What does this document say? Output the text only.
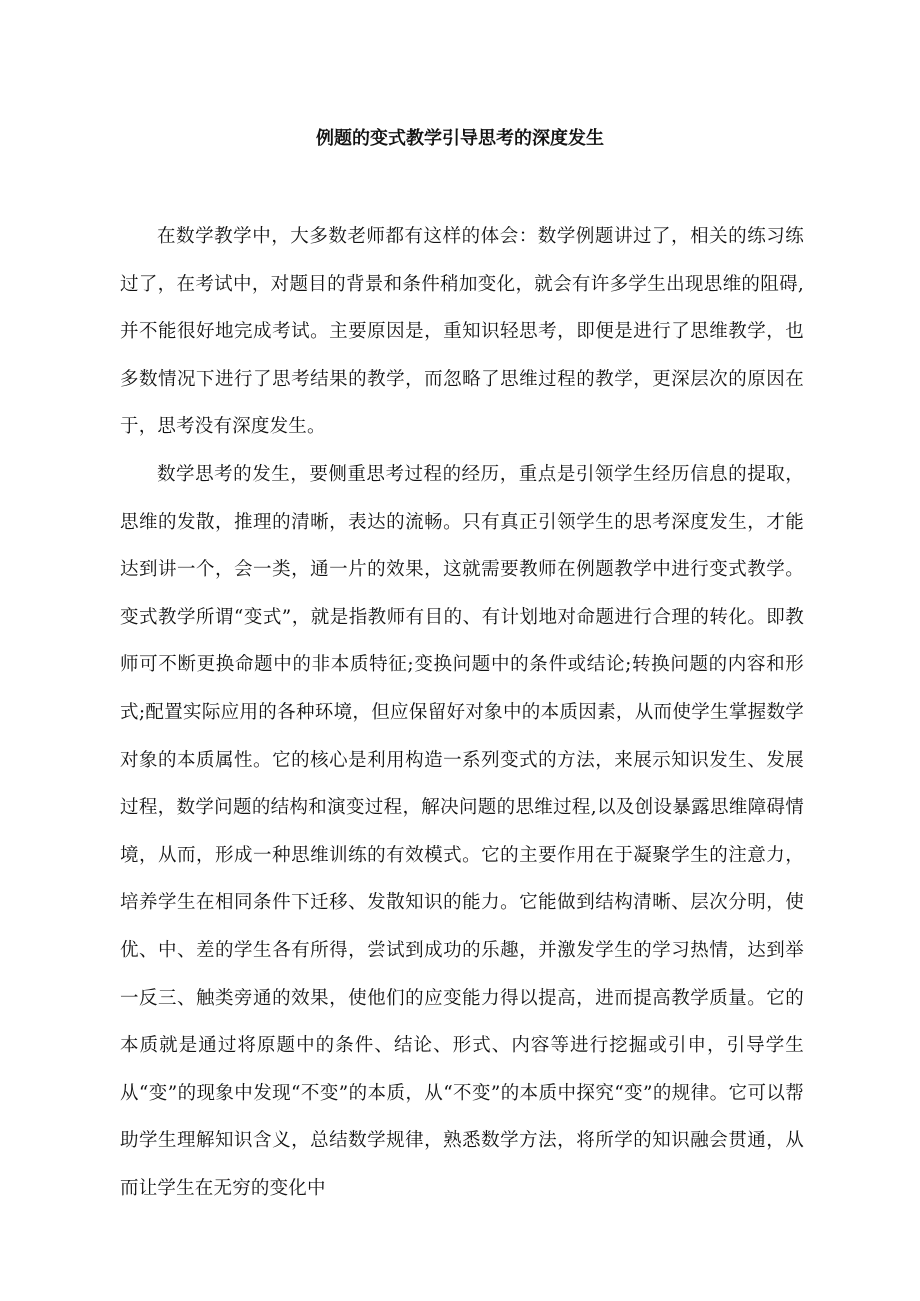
例题的变式教学引导思考的深度发生

在数学教学中，大多数老师都有这样的体会：数学例题讲过了，相关的练习练过了，在考试中，对题目的背景和条件稍加变化，就会有许多学生出现思维的阻碍,并不能很好地完成考试。主要原因是，重知识轻思考，即便是进行了思维教学，也多数情况下进行了思考结果的教学，而忽略了思维过程的教学，更深层次的原因在于，思考没有深度发生。

数学思考的发生，要侧重思考过程的经历，重点是引领学生经历信息的提取，思维的发散，推理的清晰，表达的流畅。只有真正引领学生的思考深度发生，才能达到讲一个，会一类，通一片的效果，这就需要教师在例题教学中进行变式教学。变式教学所谓“变式”，就是指教师有目的、有计划地对命题进行合理的转化。即教师可不断更换命题中的非本质特征;变换问题中的条件或结论;转换问题的内容和形式;配置实际应用的各种环境，但应保留好对象中的本质因素，从而使学生掌握数学对象的本质属性。它的核心是利用构造一系列变式的方法，来展示知识发生、发展过程，数学问题的结构和演变过程，解决问题的思维过程,以及创设暴露思维障碍情境，从而，形成一种思维训练的有效模式。它的主要作用在于凝聚学生的注意力，培养学生在相同条件下迁移、发散知识的能力。它能做到结构清晰、层次分明，使优、中、差的学生各有所得，尝试到成功的乐趣，并激发学生的学习热情，达到举一反三、触类旁通的效果，使他们的应变能力得以提高，进而提高教学质量。它的本质就是通过将原题中的条件、结论、形式、内容等进行挖掘或引申，引导学生从“变”的现象中发现“不变”的本质，从“不变”的本质中探究“变”的规律。它可以帮助学生理解知识含义，总结数学规律，熟悉数学方法，将所学的知识融会贯通，从而让学生在无穷的变化中
